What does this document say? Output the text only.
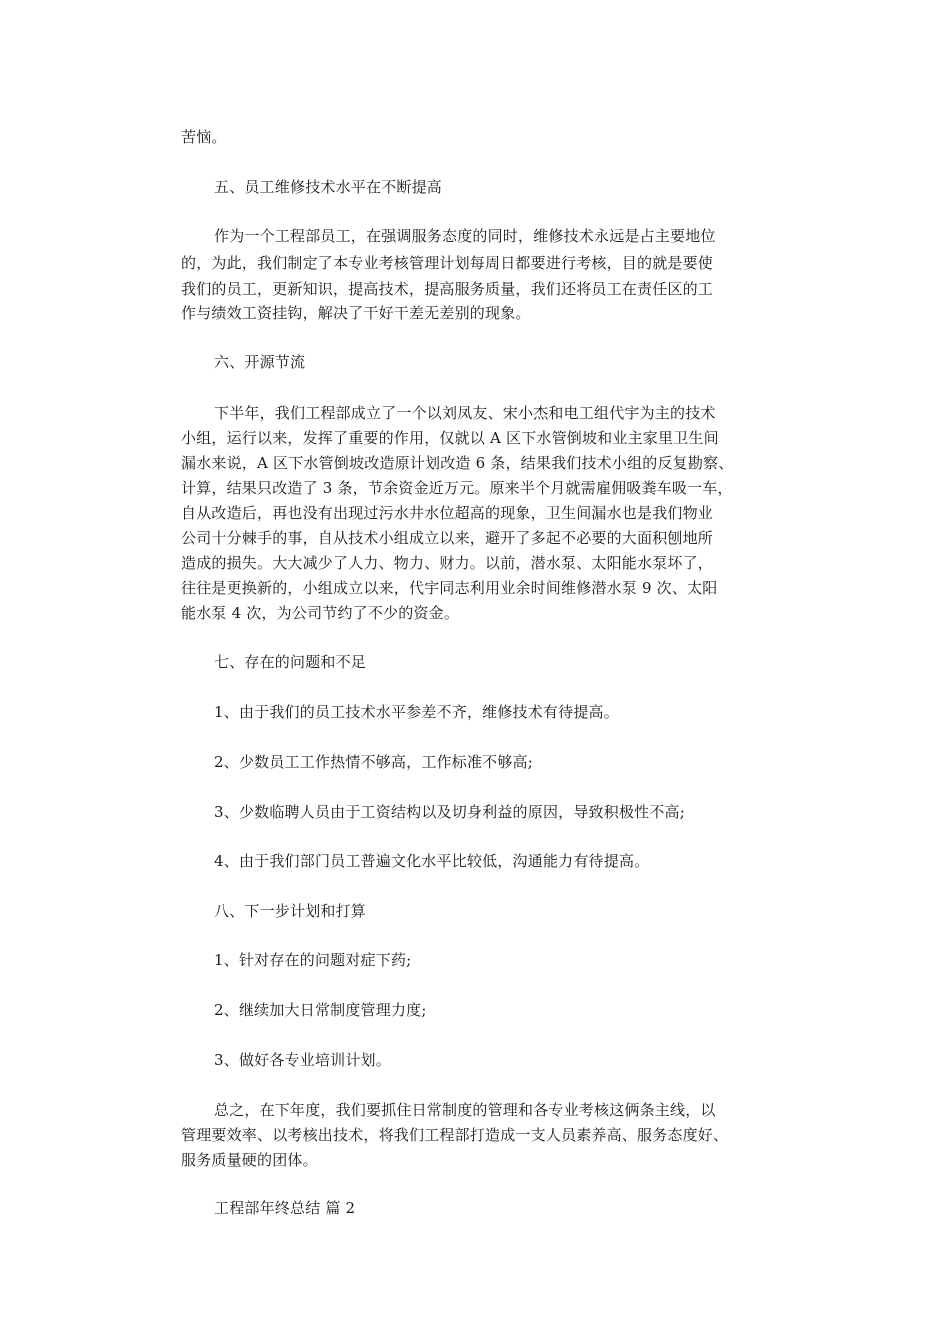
苦恼。
五、员工维修技术水平在不断提高
作为一个工程部员工，在强调服务态度的同时，维修技术永远是占主要地位
的，为此，我们制定了本专业考核管理计划每周日都要进行考核，目的就是要使
我们的员工，更新知识，提高技术，提高服务质量，我们还将员工在责任区的工
作与绩效工资挂钩，解决了干好干差无差别的现象。
六、开源节流
下半年，我们工程部成立了一个以刘凤友、宋小杰和电工组代宇为主的技术
小组，运行以来，发挥了重要的作用，仅就以 A 区下水管倒坡和业主家里卫生间
漏水来说，A 区下水管倒坡改造原计划改造 6 条，结果我们技术小组的反复勘察、
计算，结果只改造了 3 条，节余资金近万元。原来半个月就需雇佣吸粪车吸一车，
自从改造后，再也没有出现过污水井水位超高的现象，卫生间漏水也是我们物业
公司十分棘手的事，自从技术小组成立以来，避开了多起不必要的大面积刨地所
造成的损失。大大减少了人力、物力、财力。以前，潜水泵、太阳能水泵坏了，
往往是更换新的，小组成立以来，代宇同志利用业余时间维修潜水泵 9 次、太阳
能水泵 4 次，为公司节约了不少的资金。
七、存在的问题和不足
1、由于我们的员工技术水平参差不齐，维修技术有待提高。
2、少数员工工作热情不够高，工作标准不够高;
3、少数临聘人员由于工资结构以及切身利益的原因，导致积极性不高;
4、由于我们部门员工普遍文化水平比较低，沟通能力有待提高。
八、下一步计划和打算
1、针对存在的问题对症下药;
2、继续加大日常制度管理力度;
3、做好各专业培训计划。
总之，在下年度，我们要抓住日常制度的管理和各专业考核这俩条主线，以
管理要效率、以考核出技术，将我们工程部打造成一支人员素养高、服务态度好、
服务质量硬的团体。
工程部年终总结 篇 2
